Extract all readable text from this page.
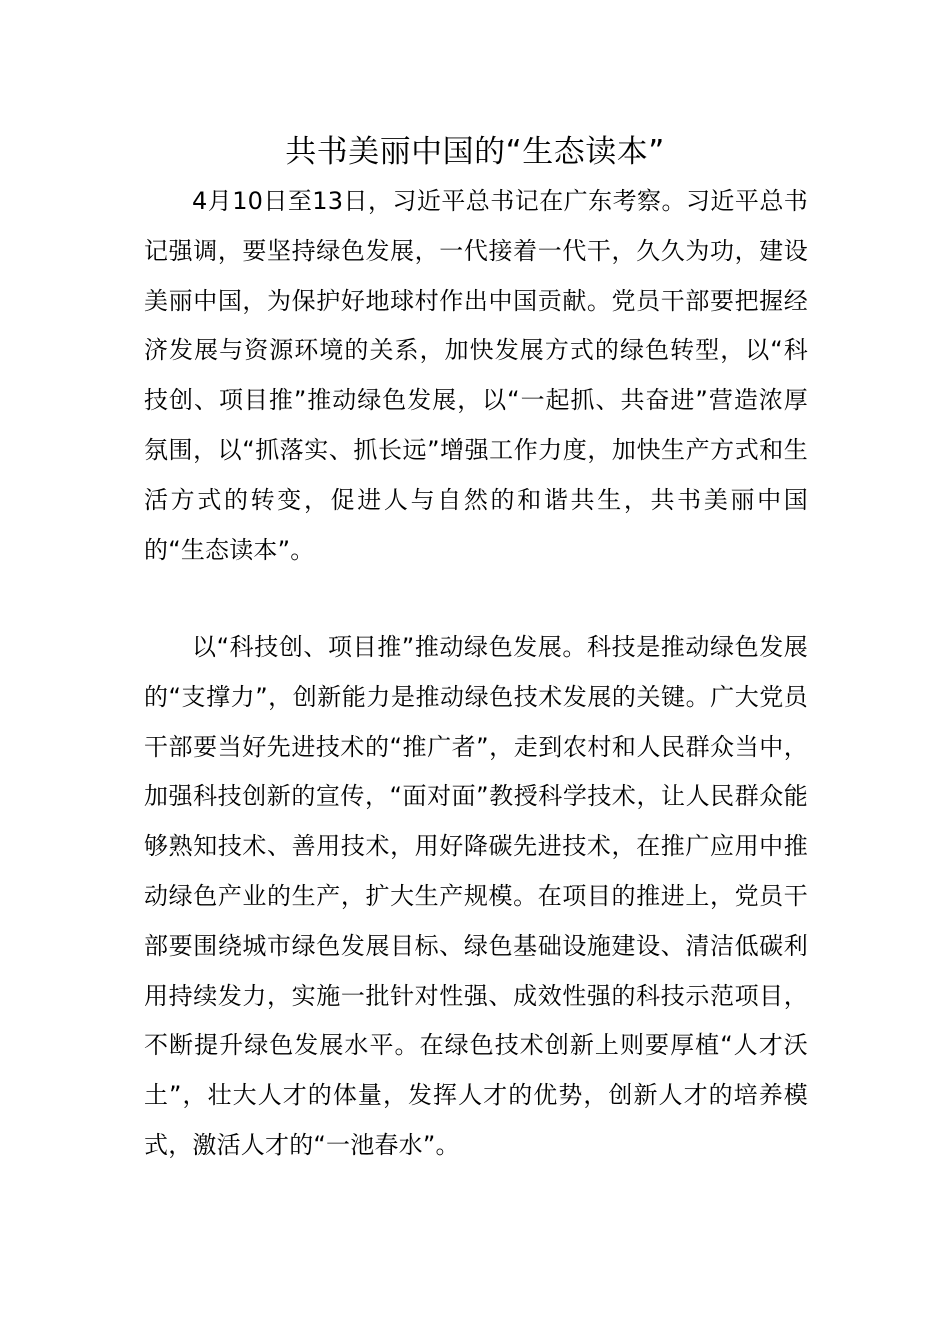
共书美丽中国的“生态读本”

4月10日至13日，习近平总书记在广东考察。习近平总书记强调，要坚持绿色发展，一代接着一代干，久久为功，建设美丽中国，为保护好地球村作出中国贡献。党员干部要把握经济发展与资源环境的关系，加快发展方式的绿色转型，以“科技创、项目推”推动绿色发展，以“一起抓、共奋进”营造浓厚氛围，以“抓落实、抓长远”增强工作力度，加快生产方式和生活方式的转变，促进人与自然的和谐共生，共书美丽中国的“生态读本”。

以“科技创、项目推”推动绿色发展。科技是推动绿色发展的“支撑力”，创新能力是推动绿色技术发展的关键。广大党员干部要当好先进技术的“推广者”，走到农村和人民群众当中，加强科技创新的宣传，“面对面”教授科学技术，让人民群众能够熟知技术、善用技术，用好降碳先进技术，在推广应用中推动绿色产业的生产，扩大生产规模。在项目的推进上，党员干部要围绕城市绿色发展目标、绿色基础设施建设、清洁低碳利用持续发力，实施一批针对性强、成效性强的科技示范项目，不断提升绿色发展水平。在绿色技术创新上则要厚植“人才沃土”，壮大人才的体量，发挥人才的优势，创新人才的培养模式，激活人才的“一池春水”。
